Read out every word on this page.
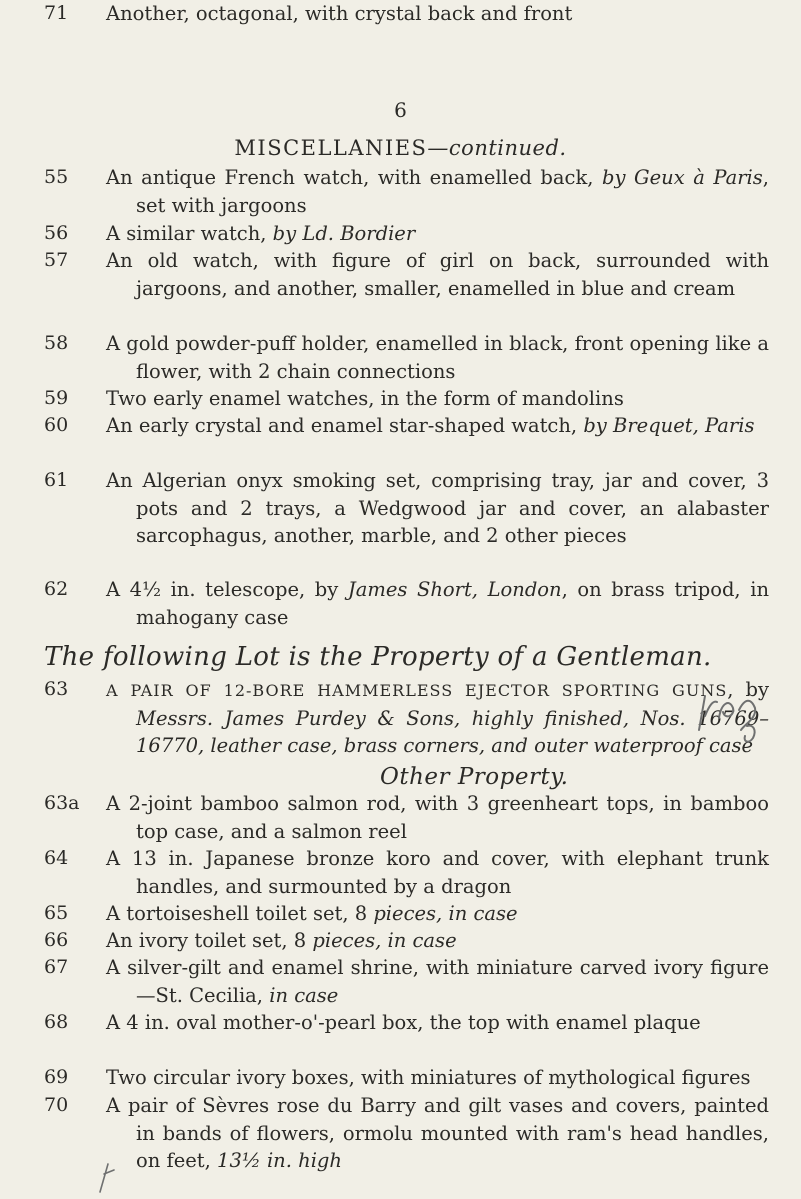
6
MISCELLANIES—continued.
55	An antique French watch, with enamelled back, by Geux à Paris, set with jargoons
56	A similar watch, by Ld. Bordier
57	An old watch, with figure of girl on back, surrounded with jargoons, and another, smaller, enamelled in blue and cream
58	A gold powder-puff holder, enamelled in black, front opening like a flower, with 2 chain connections
59	Two early enamel watches, in the form of mandolins
60	An early crystal and enamel star-shaped watch, by Brequet, Paris
61	An Algerian onyx smoking set, comprising tray, jar and cover, 3 pots and 2 trays, a Wedgwood jar and cover, an alabaster sarcophagus, another, marble, and 2 other pieces
62	A 4½ in. telescope, by James Short, London, on brass tripod, in mahogany case
The following Lot is the Property of a Gentleman.
63	A PAIR OF 12-BORE HAMMERLESS EJECTOR SPORTING GUNS, by Messrs. James Purdey & Sons, highly finished, Nos. 16769–16770, leather case, brass corners, and outer waterproof case
Other Property.
63a A 2-joint bamboo salmon rod, with 3 greenheart tops, in bamboo top case, and a salmon reel
64	A 13 in. Japanese bronze koro and cover, with elephant trunk handles, and surmounted by a dragon
65	A tortoiseshell toilet set, 8 pieces, in case
66	An ivory toilet set, 8 pieces, in case
67	A silver-gilt and enamel shrine, with miniature carved ivory figure—St. Cecilia, in case
68	A 4 in. oval mother-o'-pearl box, the top with enamel plaque
69	Two circular ivory boxes, with miniatures of mythological figures
70	A pair of Sèvres rose du Barry and gilt vases and covers, painted in bands of flowers, ormolu mounted with ram's head handles, on feet, 13½ in. high
71	Another, octagonal, with crystal back and front
